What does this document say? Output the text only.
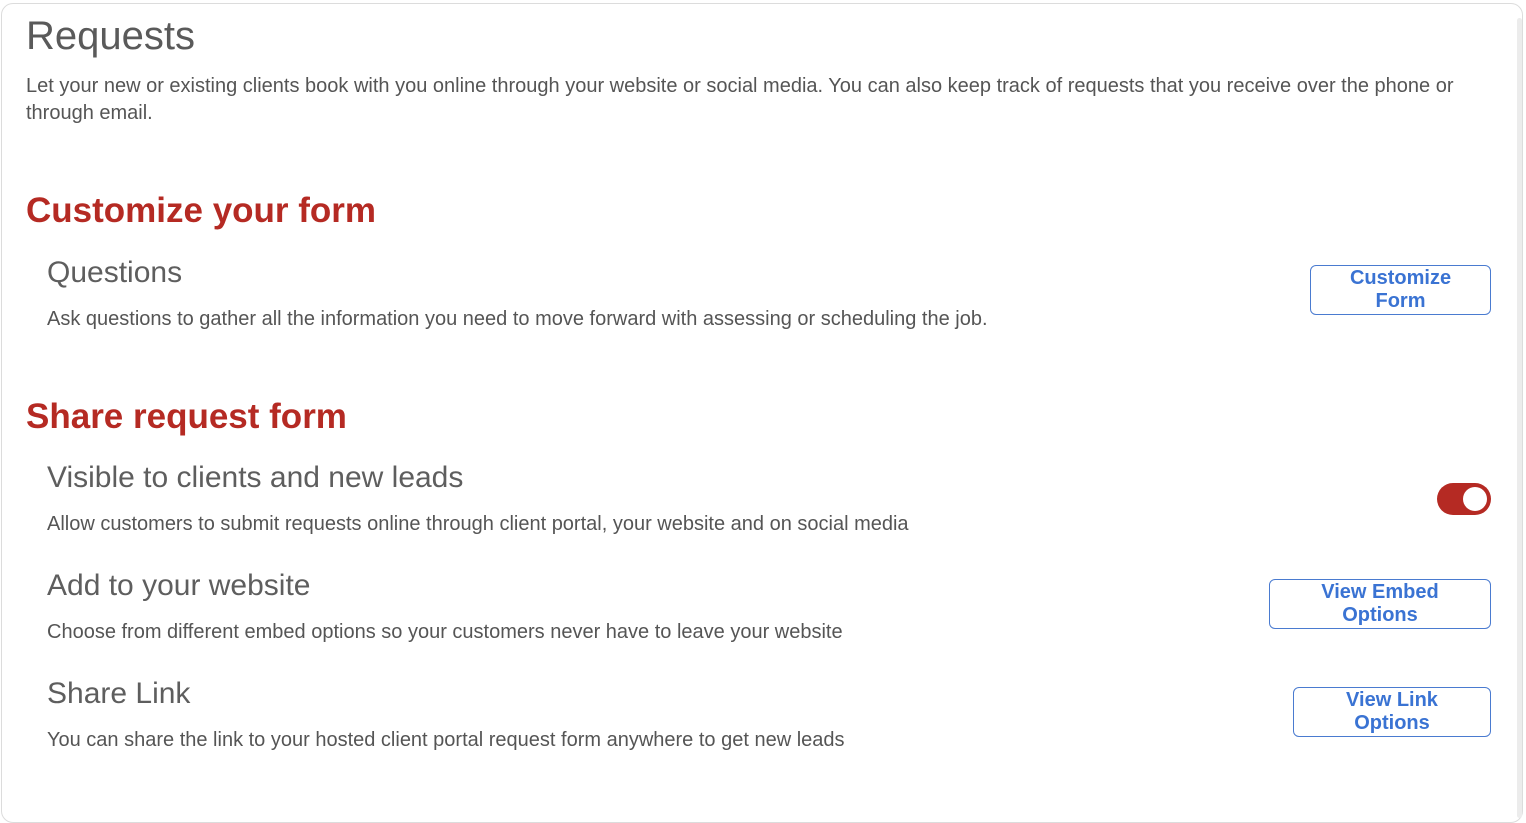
Requests

Let your new or existing clients book with you online through your website or social media. You can also keep track of requests that you receive over the phone or through email.

Customize your form
Questions

Ask questions to gather all the information you need to move forward with assessing or scheduling the job.

Customize Form
Share request form
Visible to clients and new leads

Allow customers to submit requests online through client portal, your website and on social media

Add to your website

Choose from different embed options so your customers never have to leave your website

View Embed Options
Share Link

You can share the link to your hosted client portal request form anywhere to get new leads

View Link Options
